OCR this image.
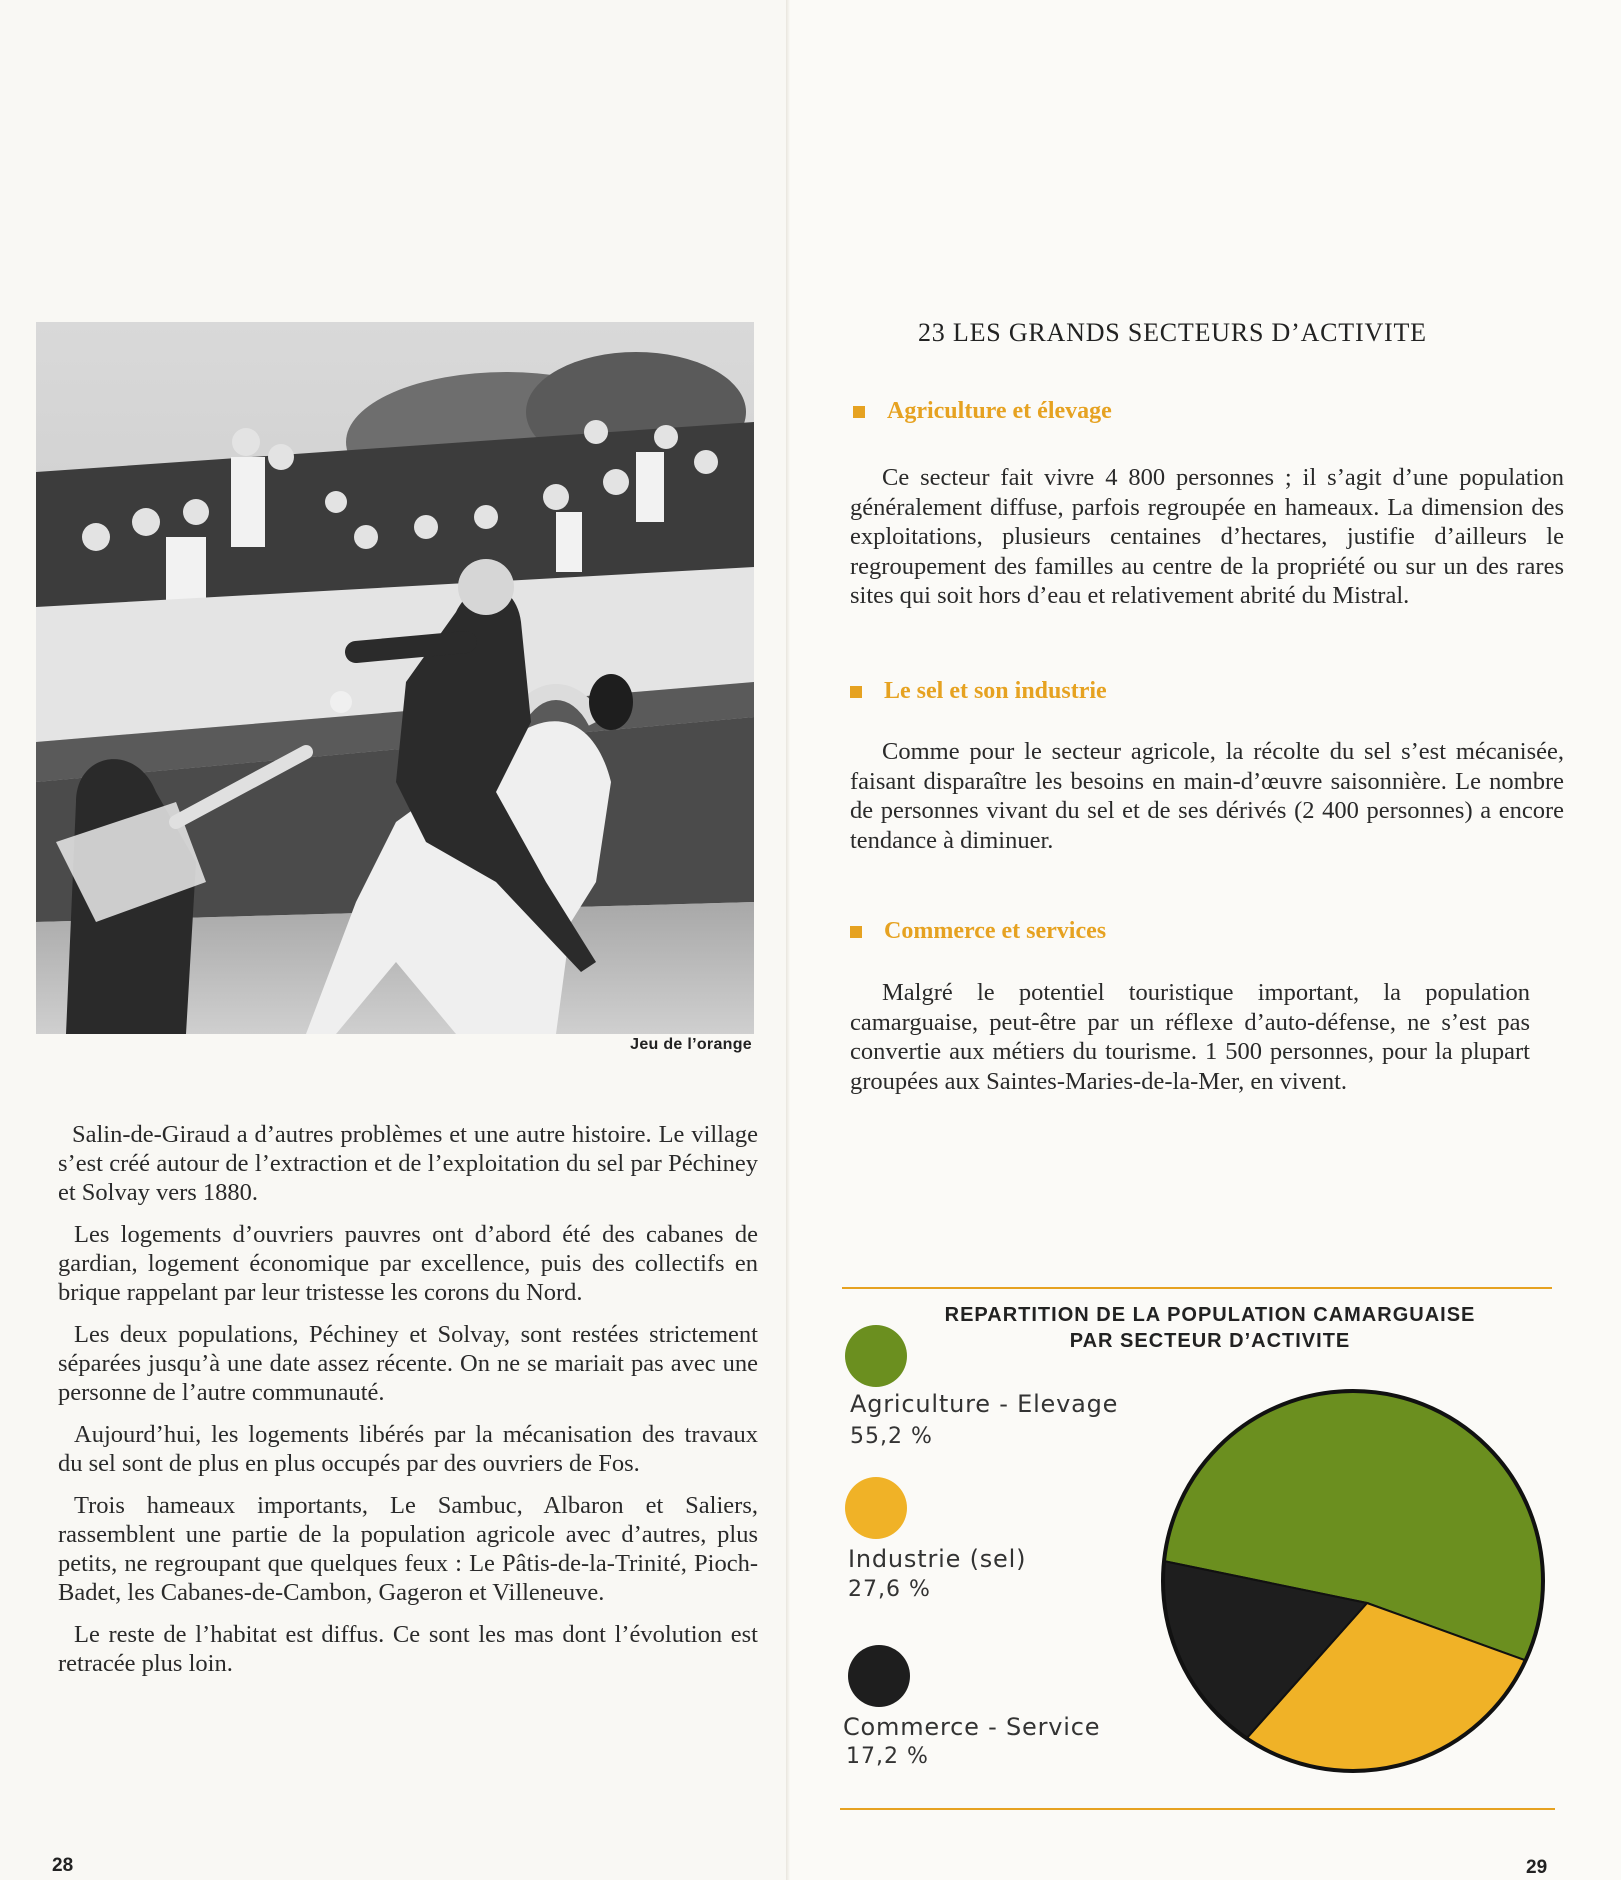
Jeu de l’orange

Salin-de-Giraud a d’autres problèmes et une autre histoire. Le village s’est créé autour de l’extraction et de l’exploitation du sel par Péchiney et Solvay vers 1880.

Les logements d’ouvriers pauvres ont d’abord été des cabanes de gardian, logement économique par excellence, puis des collectifs en brique rappelant par leur tristesse les corons du Nord.

Les deux populations, Péchiney et Solvay, sont restées strictement séparées jusqu’à une date assez récente. On ne se mariait pas avec une personne de l’autre communauté.

Aujourd’hui, les logements libérés par la mécanisation des travaux du sel sont de plus en plus occupés par des ouvriers de Fos.

Trois hameaux importants, Le Sambuc, Albaron et Saliers, rassemblent une partie de la population agricole avec d’autres, plus petits, ne regroupant que quelques feux : Le Pâtis-de-la-Trinité, Pioch-Badet, les Cabanes-de-Cambon, Gageron et Villeneuve.

Le reste de l’habitat est diffus. Ce sont les mas dont l’évolution est retracée plus loin.

28
23 LES GRANDS SECTEURS D’ACTIVITE
Agriculture et élevage

Ce secteur fait vivre 4 800 personnes ; il s’agit d’une population généralement diffuse, parfois regroupée en hameaux. La dimension des exploitations, plusieurs centaines d’hectares, justifie d’ailleurs le regroupement des familles au centre de la propriété ou sur un des rares sites qui soit hors d’eau et relativement abrité du Mistral.

Le sel et son industrie

Comme pour le secteur agricole, la récolte du sel s’est mécanisée, faisant disparaître les besoins en main-d’œuvre saisonnière. Le nombre de personnes vivant du sel et de ses dérivés (2 400 personnes) a encore tendance à diminuer.

Commerce et services

Malgré le potentiel touristique important, la population camarguaise, peut-être par un réflexe d’auto-défense, ne s’est pas convertie aux métiers du tourisme. 1 500 personnes, pour la plupart groupées aux Saintes-Maries-de-la-Mer, en vivent.

REPARTITION DE LA POPULATION CAMARGUAISE
PAR SECTEUR D’ACTIVITE
Agriculture - Elevage
55,2 %
Industrie (sel)
27,6 %
Commerce - Service
17,2 %
29
